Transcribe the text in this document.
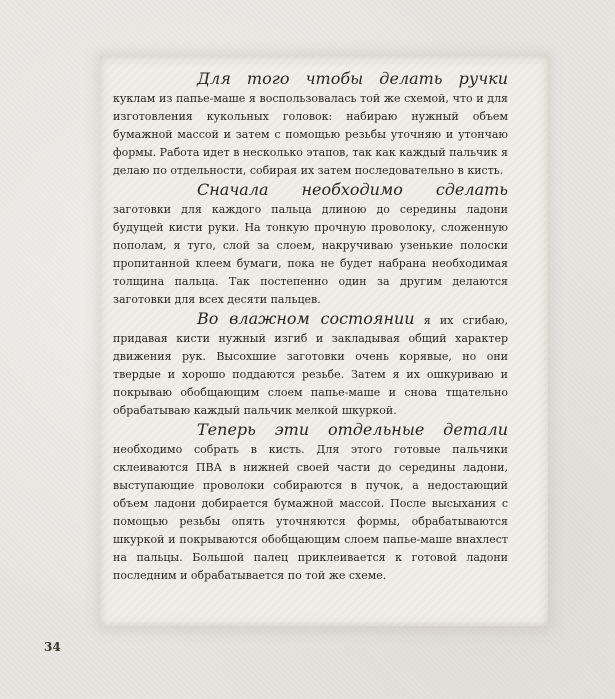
Для того чтобы делать ручки куклам из папье-маше я воспользовалась той же схемой, что и для изготовления кукольных головок: набираю нужный объем бумажной массой и затем с помощью резьбы уточняю и утончаю формы. Работа идет в несколько этапов, так как каждый пальчик я делаю по отдельности, собирая их затем последовательно в кисть.

Сначала необходимо сделать заготовки для каждого пальца длиною до середины ладони будущей кисти руки. На тонкую прочную проволоку, сложенную пополам, я туго, слой за слоем, накручиваю узенькие полоски пропитанной клеем бумаги, пока не будет набрана необходимая толщина пальца. Так постепенно один за другим делаются заготовки для всех десяти пальцев.

Во влажном состоянии я их сгибаю, придавая кисти нужный изгиб и закладывая общий характер движения рук. Высохшие заготовки очень корявые, но они твердые и хорошо поддаются резьбе. Затем я их ошкуриваю и покрываю обобщающим слоем папье-маше и снова тщательно обрабатываю каждый пальчик мелкой шкуркой.

Теперь эти отдельные детали необходимо собрать в кисть. Для этого готовые пальчики склеиваются ПВА в нижней своей части до середины ладони, выступающие проволоки собираются в пучок, а недостающий объем ладони добирается бумажной массой. После высыхания с помощью резьбы опять уточняются формы, обрабатываются шкуркой и покрываются обобщающим слоем папье-маше внахлест на пальцы. Большой палец приклеивается к готовой ладони последним и обрабатывается по той же схеме.

34
